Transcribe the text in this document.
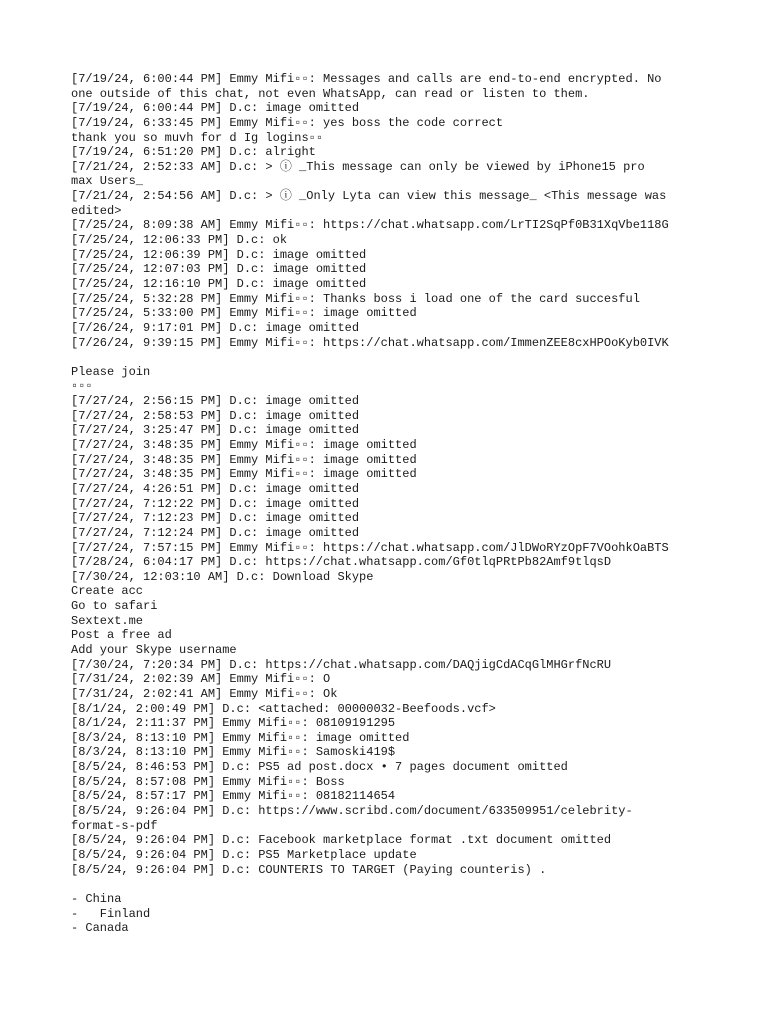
[7/19/24, 6:00:44 PM] Emmy Mifi▫▫: Messages and calls are end-to-end encrypted. No
one outside of this chat, not even WhatsApp, can read or listen to them.
[7/19/24, 6:00:44 PM] D.c: image omitted
[7/19/24, 6:33:45 PM] Emmy Mifi▫▫: yes boss the code correct
thank you so muvh for d Ig logins▫▫
[7/19/24, 6:51:20 PM] D.c: alright
[7/21/24, 2:52:33 AM] D.c: > ⓘ _This message can only be viewed by iPhone15 pro
max Users_
[7/21/24, 2:54:56 AM] D.c: > ⓘ _Only Lyta can view this message_ <This message was
edited>
[7/25/24, 8:09:38 AM] Emmy Mifi▫▫: https://chat.whatsapp.com/LrTI2SqPf0B31XqVbe118G
[7/25/24, 12:06:33 PM] D.c: ok
[7/25/24, 12:06:39 PM] D.c: image omitted
[7/25/24, 12:07:03 PM] D.c: image omitted
[7/25/24, 12:16:10 PM] D.c: image omitted
[7/25/24, 5:32:28 PM] Emmy Mifi▫▫: Thanks boss i load one of the card succesful
[7/25/24, 5:33:00 PM] Emmy Mifi▫▫: image omitted
[7/26/24, 9:17:01 PM] D.c: image omitted
[7/26/24, 9:39:15 PM] Emmy Mifi▫▫: https://chat.whatsapp.com/ImmenZEE8cxHPOoKyb0IVK
Please join
▫▫▫
[7/27/24, 2:56:15 PM] D.c: image omitted
[7/27/24, 2:58:53 PM] D.c: image omitted
[7/27/24, 3:25:47 PM] D.c: image omitted
[7/27/24, 3:48:35 PM] Emmy Mifi▫▫: image omitted
[7/27/24, 3:48:35 PM] Emmy Mifi▫▫: image omitted
[7/27/24, 3:48:35 PM] Emmy Mifi▫▫: image omitted
[7/27/24, 4:26:51 PM] D.c: image omitted
[7/27/24, 7:12:22 PM] D.c: image omitted
[7/27/24, 7:12:23 PM] D.c: image omitted
[7/27/24, 7:12:24 PM] D.c: image omitted
[7/27/24, 7:57:15 PM] Emmy Mifi▫▫: https://chat.whatsapp.com/JlDWoRYzOpF7VOohkOaBTS
[7/28/24, 6:04:17 PM] D.c: https://chat.whatsapp.com/Gf0tlqPRtPb82Amf9tlqsD
[7/30/24, 12:03:10 AM] D.c: Download Skype
Create acc
Go to safari
Sextext.me
Post a free ad
Add your Skype username
[7/30/24, 7:20:34 PM] D.c: https://chat.whatsapp.com/DAQjigCdACqGlMHGrfNcRU
[7/31/24, 2:02:39 AM] Emmy Mifi▫▫: O
[7/31/24, 2:02:41 AM] Emmy Mifi▫▫: Ok
[8/1/24, 2:00:49 PM] D.c: <attached: 00000032-Beefoods.vcf>
[8/1/24, 2:11:37 PM] Emmy Mifi▫▫: 08109191295
[8/3/24, 8:13:10 PM] Emmy Mifi▫▫: image omitted
[8/3/24, 8:13:10 PM] Emmy Mifi▫▫: Samoski419$
[8/5/24, 8:46:53 PM] D.c: PS5 ad post.docx • 7 pages document omitted
[8/5/24, 8:57:08 PM] Emmy Mifi▫▫: Boss
[8/5/24, 8:57:17 PM] Emmy Mifi▫▫: 08182114654
[8/5/24, 9:26:04 PM] D.c: https://www.scribd.com/document/633509951/celebrity-
format-s-pdf
[8/5/24, 9:26:04 PM] D.c: Facebook marketplace format .txt document omitted
[8/5/24, 9:26:04 PM] D.c: PS5 Marketplace update
[8/5/24, 9:26:04 PM] D.c: COUNTERIS TO TARGET (Paying counteris) .
- China
-   Finland
- Canada
